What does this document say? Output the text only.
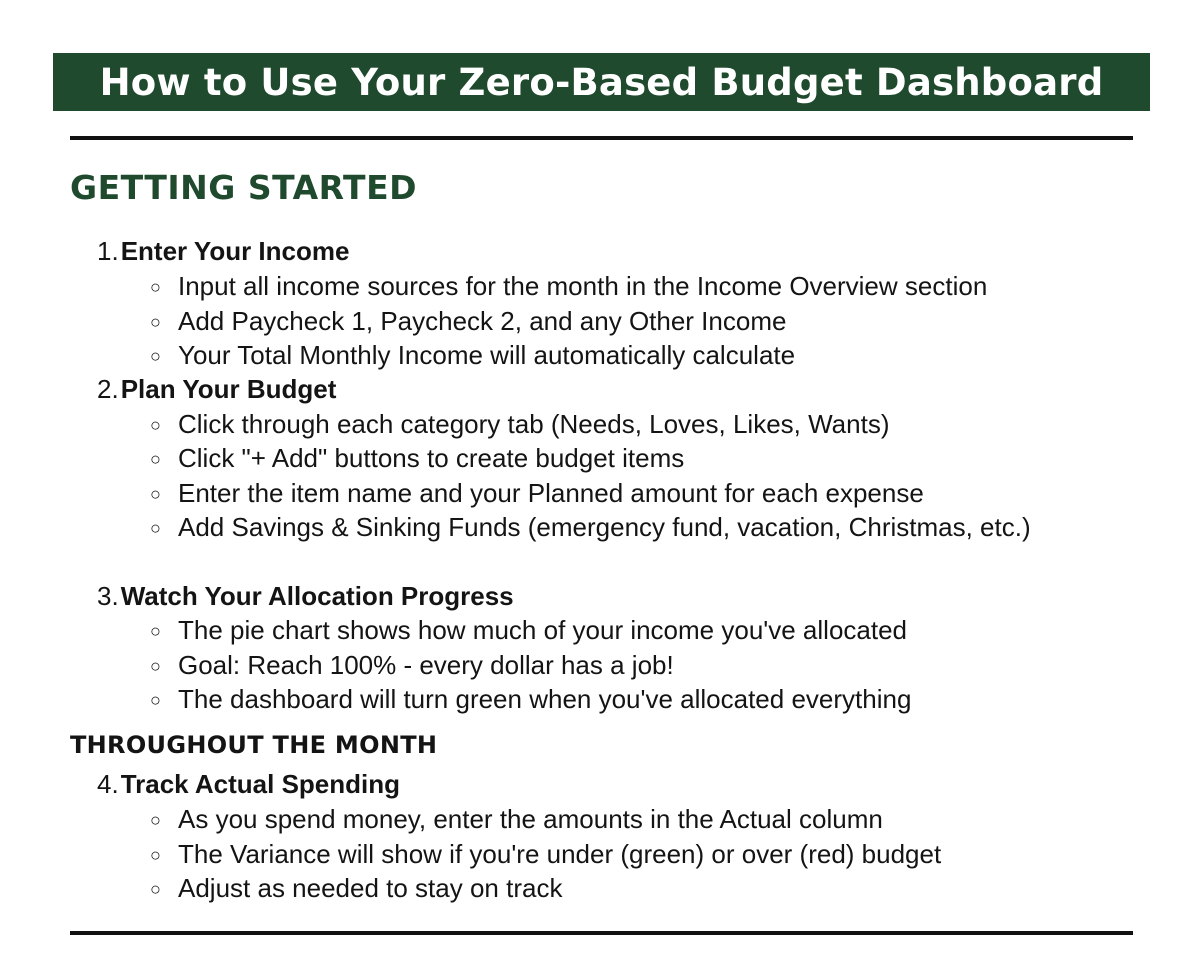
How to Use Your Zero-Based Budget Dashboard
GETTING STARTED

1.Enter Your Income

○ Input all income sources for the month in the Income Overview section

○ Add Paycheck 1, Paycheck 2, and any Other Income

○ Your Total Monthly Income will automatically calculate

2.Plan Your Budget

○ Click through each category tab (Needs, Loves, Likes, Wants)

○ Click "+ Add" buttons to create budget items

○ Enter the item name and your Planned amount for each expense

○ Add Savings & Sinking Funds (emergency fund, vacation, Christmas, etc.)

3.Watch Your Allocation Progress

○ The pie chart shows how much of your income you've allocated

○ Goal: Reach 100% - every dollar has a job!

○ The dashboard will turn green when you've allocated everything

THROUGHOUT THE MONTH

4.Track Actual Spending

○ As you spend money, enter the amounts in the Actual column

○ The Variance will show if you're under (green) or over (red) budget

○ Adjust as needed to stay on track
